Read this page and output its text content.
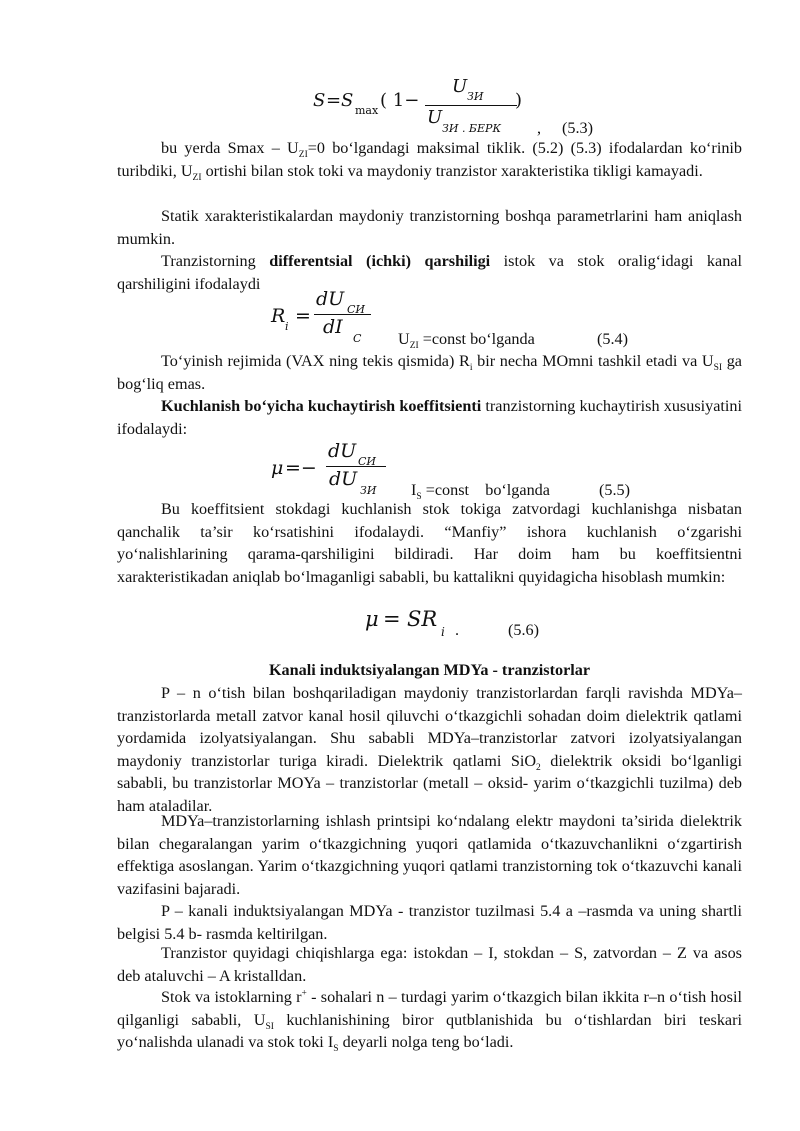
S = S max ( 1−
U ЗИ
U
ЗИ . БЕРК
)
, (5.3)
bu yerda $Smax - U_{ZI}=0$ bo‘lgandagi maksimal tiklik. (5.2) (5.3) ifodalardan ko‘rinib turibdiki, $U_{ZI}$ ortishi bilan stok toki va maydoniy tranzistor xarakteristika tikligi kamayadi.
Statik xarakteristikalardan maydoniy tranzistorning boshqa parametrlarini ham aniqlash mumkin.
Tranzistorning differentsial (ichki) qarshiligi istok va stok oralig‘idagi kanal qarshiligini ifodalaydi
R i =
dU СИ
dI
C $U_{ZI}$ =const bo‘lganda	(5.4)
To‘yinish rejimida (VAX ning tekis qismida) $R_i$ bir necha MOmni tashkil etadi va $U_{SI}$ ga bog‘liq emas.
Kuchlanish bo‘yicha kuchaytirish koeffitsienti tranzistorning kuchaytirish xususiyatini ifodalaydi:
μ =−
dU СИ
dU
ЗИ $I_S$ =const    bo‘lganda	(5.5)
Bu koeffitsient stokdagi kuchlanish stok tokiga zatvordagi kuchlanishga nisbatan qanchalik ta’sir ko‘rsatishini ifodalaydi. “Manfiy” ishora kuchlanish o‘zgarishi yo‘nalishlarining qarama-qarshiligini bildiradi. Har doim ham bu koeffitsientni xarakteristikadan aniqlab bo‘lmaganligi sababli, bu kattalikni quyidagicha hisoblash mumkin:
μ = SR
i .	(5.6)
Kanali induktsiyalangan MDYa - tranzistorlar
P – n o‘tish bilan boshqariladigan maydoniy tranzistorlardan farqli ravishda MDYa–tranzistorlarda metall zatvor kanal hosil qiluvchi o‘tkazgichli sohadan doim dielektrik qatlami yordamida izolyatsiyalangan. Shu sababli MDYa–tranzistorlar zatvori izolyatsiyalangan maydoniy tranzistorlar turiga kiradi. Dielektrik qatlami SiO$_2$ dielektrik oksidi bo‘lganligi sababli, bu tranzistorlar MOYa – tranzistorlar (metall – oksid- yarim o‘tkazgichli tuzilma) deb ham ataladilar.
MDYa–tranzistorlarning ishlash printsipi ko‘ndalang elektr maydoni ta’sirida dielektrik bilan chegaralangan yarim o‘tkazgichning yuqori qatlamida o‘tkazuvchanlikni o‘zgartirish effektiga asoslangan. Yarim o‘tkazgichning yuqori qatlami tranzistorning tok o‘tkazuvchi kanali vazifasini bajaradi.
P – kanali induktsiyalangan MDYa - tranzistor tuzilmasi 5.4 a –rasmda va uning shartli belgisi 5.4 b- rasmda keltirilgan.
Tranzistor quyidagi chiqishlarga ega: istokdan – I, stokdan – S, zatvordan – Z va asos deb ataluvchi – A kristalldan.
Stok va istoklarning r+ - sohalari n – turdagi yarim o‘tkazgich bilan ikkita r–n o‘tish hosil qilganligi sababli, $U_{SI}$ kuchlanishining biror qutblanishida bu o‘tishlardan biri teskari yo‘nalishda ulanadi va stok toki $I_S$ deyarli nolga teng bo‘ladi.
